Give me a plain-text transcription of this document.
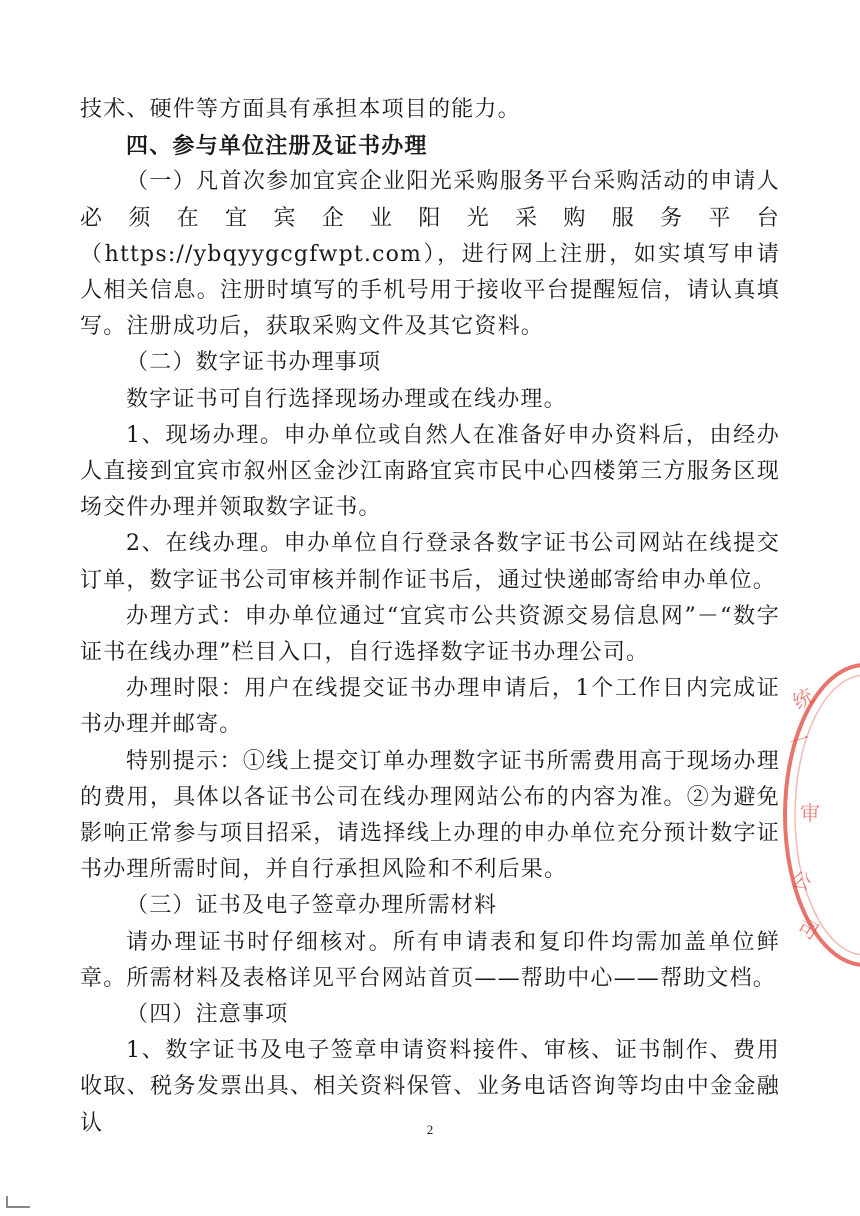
技术、硬件等方面具有承担本项目的能力。

四、参与单位注册及证书办理

（一）凡首次参加宜宾企业阳光采购服务平台采购活动的申请人必须在宜宾企业阳光采购服务平台（https://ybqyygcgfwpt.com），进行网上注册，如实填写申请人相关信息。注册时填写的手机号用于接收平台提醒短信，请认真填写。注册成功后，获取采购文件及其它资料。

（二）数字证书办理事项

数字证书可自行选择现场办理或在线办理。

1、现场办理。申办单位或自然人在准备好申办资料后，由经办人直接到宜宾市叙州区金沙江南路宜宾市民中心四楼第三方服务区现场交件办理并领取数字证书。

2、在线办理。申办单位自行登录各数字证书公司网站在线提交订单，数字证书公司审核并制作证书后，通过快递邮寄给申办单位。

办理方式：申办单位通过“宜宾市公共资源交易信息网”－“数字证书在线办理”栏目入口，自行选择数字证书办理公司。

办理时限：用户在线提交证书办理申请后，1个工作日内完成证书办理并邮寄。

特别提示：①线上提交订单办理数字证书所需费用高于现场办理的费用，具体以各证书公司在线办理网站公布的内容为准。②为避免影响正常参与项目招采，请选择线上办理的申办单位充分预计数字证书办理所需时间，并自行承担风险和不利后果。

（三）证书及电子签章办理所需材料

请办理证书时仔细核对。所有申请表和复印件均需加盖单位鲜章。所需材料及表格详见平台网站首页——帮助中心——帮助文档。

（四）注意事项

1、数字证书及电子签章申请资料接件、审核、证书制作、费用收取、税务发票出具、相关资料保管、业务电话咨询等均由中金金融认	2
统
一
审
公
司
